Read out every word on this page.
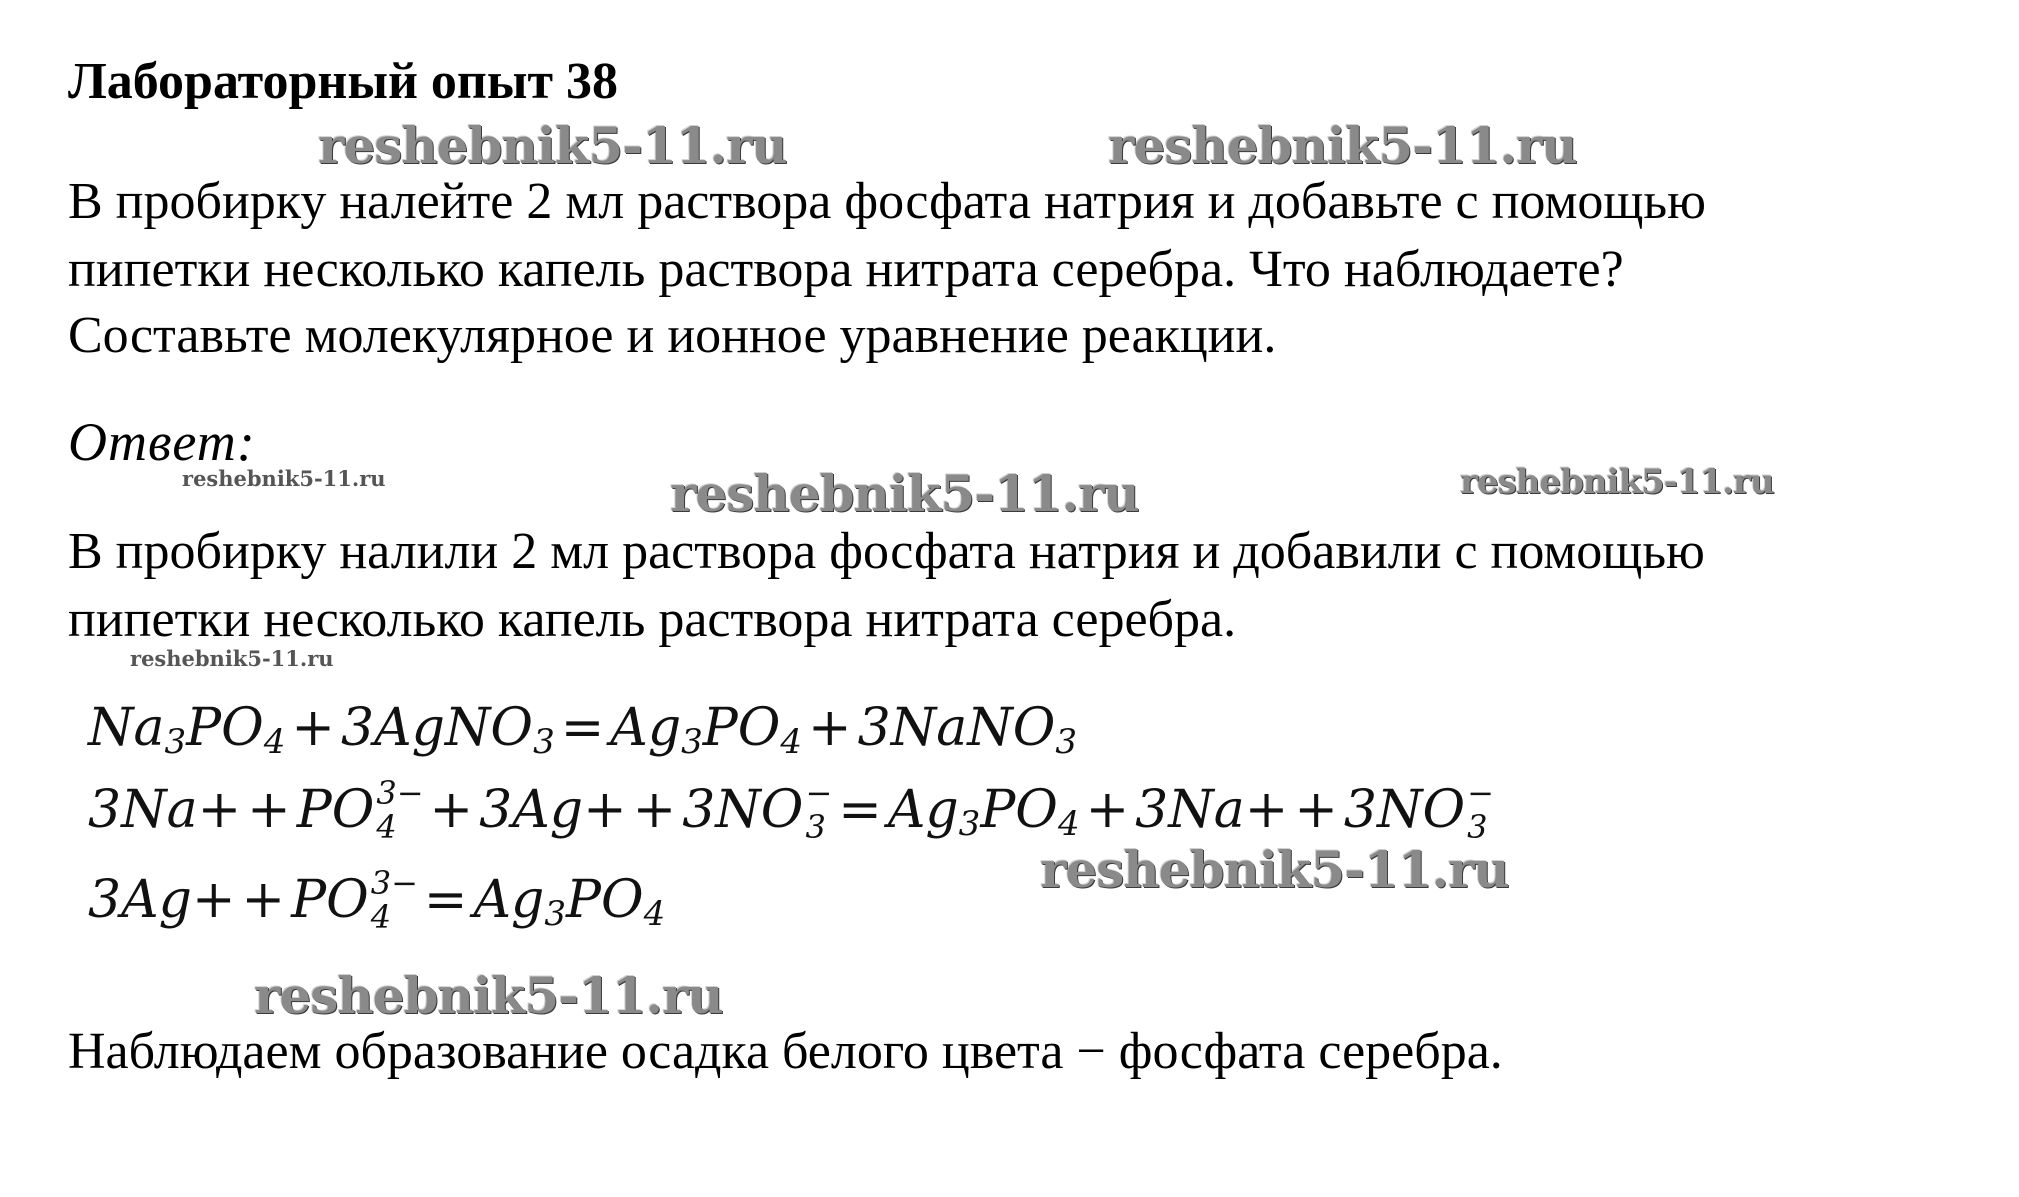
Лабораторный опыт 38
reshebnik5-11.ru	reshebnik5-11.ru
В пробирку налейте 2 мл раствора фосфата натрия и добавьте с помощью
пипетки несколько капель раствора нитрата серебра. Что наблюдаете?
Составьте молекулярное и ионное уравнение реакции.
Ответ:
reshebnik5-11.ru	reshebnik5-11.ru	reshebnik5-11.ru
В пробирку налили 2 мл раствора фосфата натрия и добавили с помощью
пипетки несколько капель раствора нитрата серебра.
reshebnik5-11.ru
$Na_3PO_4$ + 3AgNO$_3$ = $Ag_3PO_4$ + 3NaNO$_3$
3Na+ + PO 3−
4 + 3Ag+ + 3NO −
$3 = Ag_3PO_4 + 3Na+ + 3NO$ −
3
3Ag+ + PO 3−
$4 = Ag_3PO_4$
reshebnik5-11.ru
reshebnik5-11.ru
Наблюдаем образование осадка белого цвета − фосфата серебра.
